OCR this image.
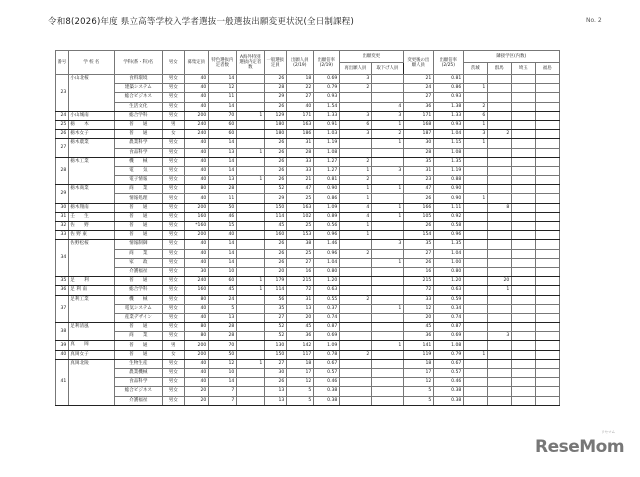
令和8(2026)年度 県立高等学校入学者選抜一般選抜出願変更状況(全日制課程)	No. 2
番号	学 校 名	学科(系・科)名	男女	募集定員	特色選抜内定者数	A海外特別選抜内定者数	一般選抜定員	出願人員(2/19)	出願倍率(2/19)	出願変更		変更後の出願人員	出願倍率(2/25)	隣接学区(内数)			
										再出願人員	取下げ人員			茨城	群馬	埼玉	福島
23	小山北桜	食料環境	男女	40	14		26	18	0.69	3		21	0.81				
		建築システム	男女	40	12		28	22	0.79	2		24	0.86	1			
		総合ビジネス	男女	40	11		29	27	0.93			27	0.93				
		生活文化	男女	40	14		26	40	1.54		4	36	1.38	2			
24	小山城南	総合学科	男女	200	70	1	129	171	1.33	3	3	171	1.33	6			
25	栃　　木	普　　通	男	240	60		180	163	0.91	6	1	168	0.93	1			
26	栃木女子	普　　通	女	240	60		180	186	1.03	3	2	187	1.04	3	2		
27	栃木農業	農業科学	男女	40	14		26	31	1.19		1	30	1.15	1			
		食品科学	男女	40	13	1	26	28	1.08			28	1.08				
28	栃木工業	機　　械	男女	40	14		26	33	1.27	2		35	1.35				
		電　　気	男女	40	14		26	33	1.27	1	3	31	1.19				
		電子情報	男女	40	13	1	26	21	0.81	2		23	0.88				
29	栃木商業	商　　業	男女	80	28		52	47	0.90	1	1	47	0.90				
		情報処理	男女	40	11		29	25	0.86	1		26	0.90	1			
30	栃木翔南	普　　通	男女	200	50		150	163	1.09	4	1	166	1.11		8		
31	壬　　生	普　　通	男女	160	46		114	102	0.89	4	1	105	0.92				
32	佐　　野	普　　通	男女	*160	15		45	25	0.56	1		26	0.58				
33	佐 野 東	普　　通	男女	200	40		160	153	0.96	1		154	0.96				
34	佐野松桜	情報制御	男女	40	14		26	38	1.46		3	35	1.35				
		商　　業	男女	40	14		26	25	0.96	2		27	1.04				
		家　　政	男女	40	14		26	27	1.04		1	26	1.00				
		介護福祉	男女	30	10		20	16	0.80			16	0.80				
35	足　　利	普　　通	男女	240	60	1	179	215	1.20			215	1.20		20		
36	足 利 南	総合学科	男女	160	45	1	114	72	0.63			72	0.63		1		
37	足利工業	機　　械	男女	80	24		56	31	0.55	2		33	0.59				
		電気システム	男女	40	5		35	13	0.37		1	12	0.34				
		産業デザイン	男女	40	13		27	20	0.74			20	0.74				
38	足利清風	普　　通	男女	80	28		52	45	0.87			45	0.87				
		商　　業	男女	80	28		52	36	0.69			36	0.69		3		
39	真　　岡	普　　通	男	200	70		130	142	1.09		1	141	1.08				
40	真岡女子	普　　通	女	200	50		150	117	0.78	2		119	0.79	1			
41	真岡北陵	生物生産	男女	40	12	1	27	18	0.67			18	0.67				
		農業機械	男女	40	10		30	17	0.57			17	0.57				
		食品科学	男女	40	14		26	12	0.46			12	0.46				
		総合ビジネス	男女	20	7		13	5	0.38			5	0.38				
		介護福祉	男女	20	7		13	5	0.38			5	0.38				
リセマム
ReseMom
